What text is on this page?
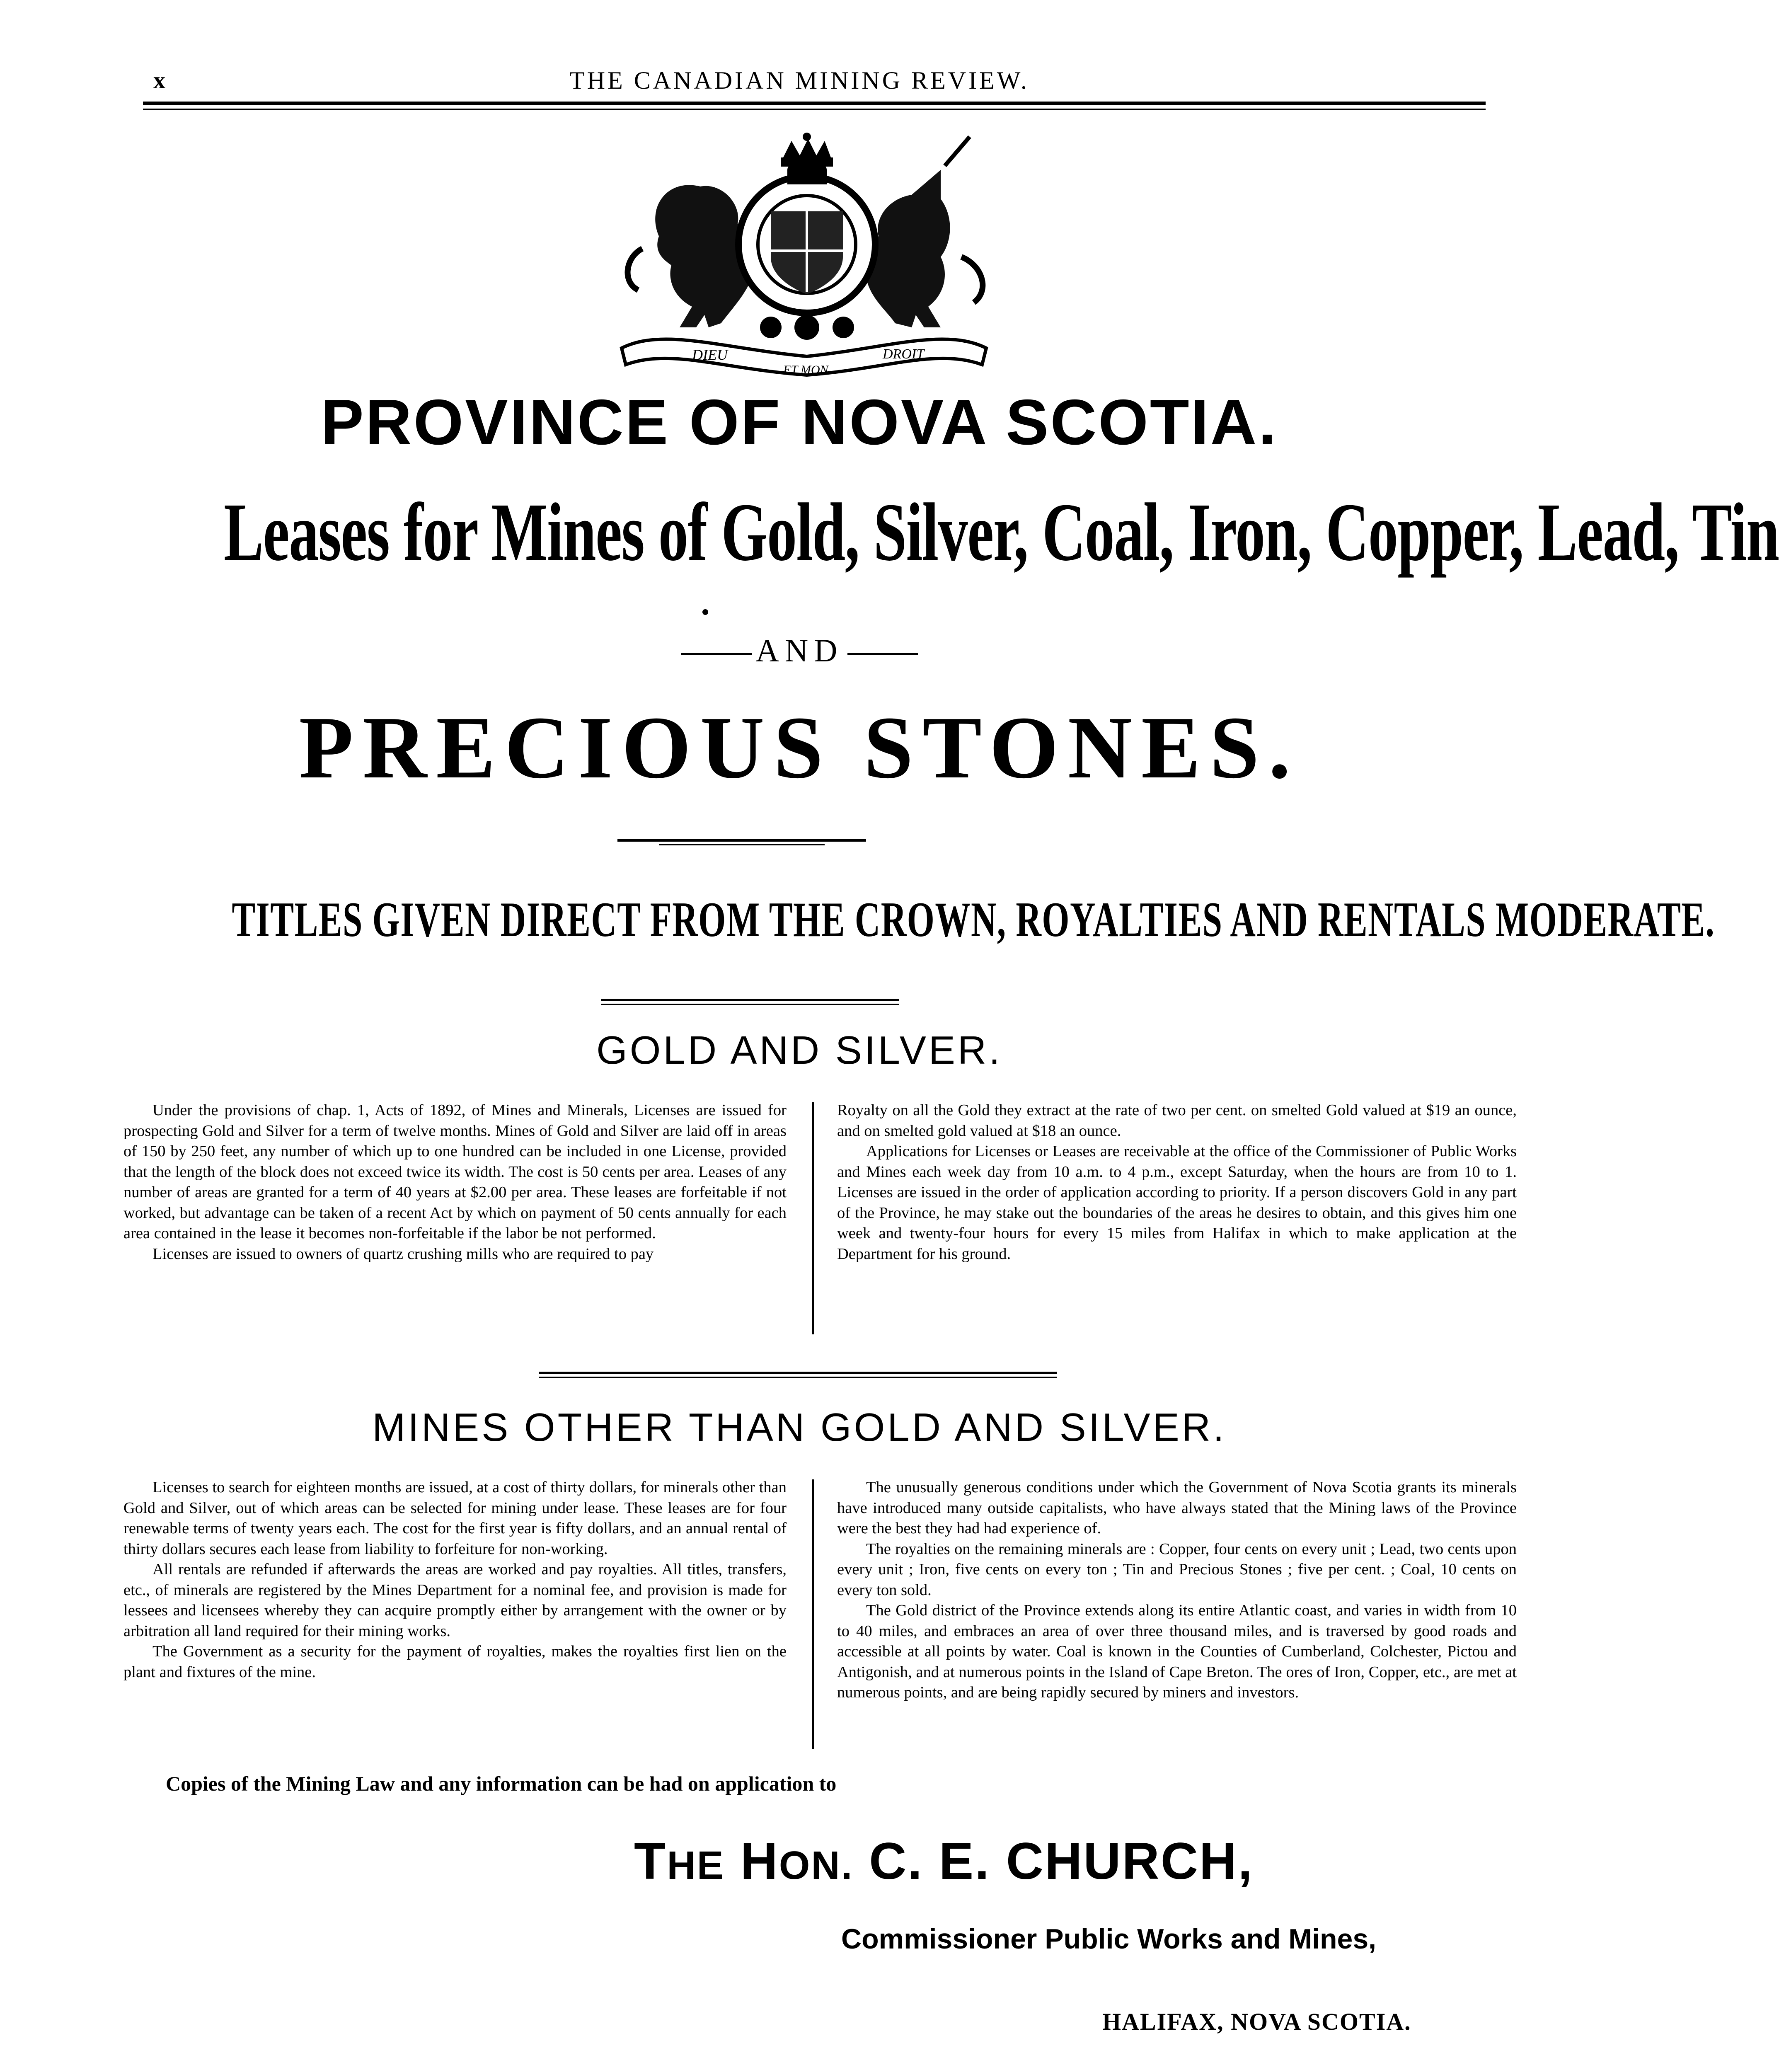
x	THE CANADIAN MINING REVIEW.
DIEU
ET MON
DROIT
PROVINCE OF NOVA SCOTIA.
Leases for Mines of Gold, Silver, Coal, Iron, Copper, Lead, Tin
AND
PRECIOUS STONES.
TITLES GIVEN DIRECT FROM THE CROWN, ROYALTIES AND RENTALS MODERATE.
GOLD AND SILVER.

Under the provisions of chap. 1, Acts of 1892, of Mines and Minerals, Licenses are issued for prospecting Gold and Silver for a term of twelve months. Mines of Gold and Silver are laid off in areas of 150 by 250 feet, any number of which up to one hundred can be included in one License, provided that the length of the block does not exceed twice its width. The cost is 50 cents per area. Leases of any number of areas are granted for a term of 40 years at $2.00 per area. These leases are forfeitable if not worked, but advantage can be taken of a recent Act by which on payment of 50 cents annually for each area contained in the lease it becomes non-forfeitable if the labor be not performed.

Licenses are issued to owners of quartz crushing mills who are required to pay

Royalty on all the Gold they extract at the rate of two per cent. on smelted Gold valued at $19 an ounce, and on smelted gold valued at $18 an ounce.

Applications for Licenses or Leases are receivable at the office of the Commissioner of Public Works and Mines each week day from 10 a.m. to 4 p.m., except Saturday, when the hours are from 10 to 1. Licenses are issued in the order of application according to priority. If a person discovers Gold in any part of the Province, he may stake out the boundaries of the areas he desires to obtain, and this gives him one week and twenty-four hours for every 15 miles from Halifax in which to make application at the Department for his ground.

MINES OTHER THAN GOLD AND SILVER.

Licenses to search for eighteen months are issued, at a cost of thirty dollars, for minerals other than Gold and Silver, out of which areas can be selected for mining under lease. These leases are for four renewable terms of twenty years each. The cost for the first year is fifty dollars, and an annual rental of thirty dollars secures each lease from liability to forfeiture for non-working.

All rentals are refunded if afterwards the areas are worked and pay royalties. All titles, transfers, etc., of minerals are registered by the Mines Department for a nominal fee, and provision is made for lessees and licensees whereby they can acquire promptly either by arrangement with the owner or by arbitration all land required for their mining works.

The Government as a security for the payment of royalties, makes the royalties first lien on the plant and fixtures of the mine.

The unusually generous conditions under which the Government of Nova Scotia grants its minerals have introduced many outside capitalists, who have always stated that the Mining laws of the Province were the best they had had experience of.

The royalties on the remaining minerals are : Copper, four cents on every unit ; Lead, two cents upon every unit ; Iron, five cents on every ton ; Tin and Precious Stones ; five per cent. ; Coal, 10 cents on every ton sold.

The Gold district of the Province extends along its entire Atlantic coast, and varies in width from 10 to 40 miles, and embraces an area of over three thousand miles, and is traversed by good roads and accessible at all points by water. Coal is known in the Counties of Cumberland, Colchester, Pictou and Antigonish, and at numerous points in the Island of Cape Breton. The ores of Iron, Copper, etc., are met at numerous points, and are being rapidly secured by miners and investors.

Copies of the Mining Law and any information can be had on application to
THE HON. C. E. CHURCH,
Commissioner Public Works and Mines,
HALIFAX, NOVA SCOTIA.
